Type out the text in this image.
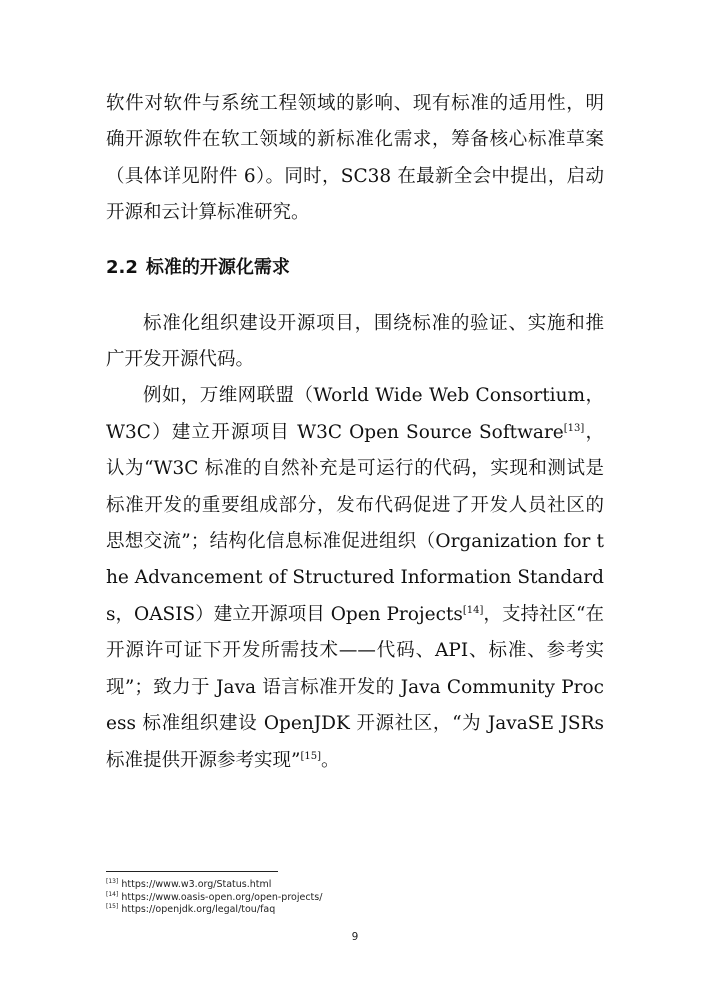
软件对软件与系统工程领域的影响、现有标准的适用性，明确开源软件在软工领域的新标准化需求，筹备核心标准草案（具体详见附件 6）。同时，SC38 在最新全会中提出，启动开源和云计算标准研究。

2.2 标准的开源化需求

标准化组织建设开源项目，围绕标准的验证、实施和推广开发开源代码。

例如，万维网联盟（World Wide Web Consortium，W3C）建立开源项目 W3C Open Source Software[13]，认为“W3C 标准的自然补充是可运行的代码，实现和测试是标准开发的重要组成部分，发布代码促进了开发人员社区的思想交流”；结构化信息标准促进组织（Organization for the Advancement of Structured Information Standards，OASIS）建立开源项目 Open Projects[14]，支持社区“在开源许可证下开发所需技术——代码、API、标准、参考实现”；致力于 Java 语言标准开发的 Java Community Process 标准组织建设 OpenJDK 开源社区，“为 JavaSE JSRs 标准提供开源参考实现”[15]。

[13] https://www.w3.org/Status.html
[14] https://www.oasis-open.org/open-projects/
[15] https://openjdk.org/legal/tou/faq
9
